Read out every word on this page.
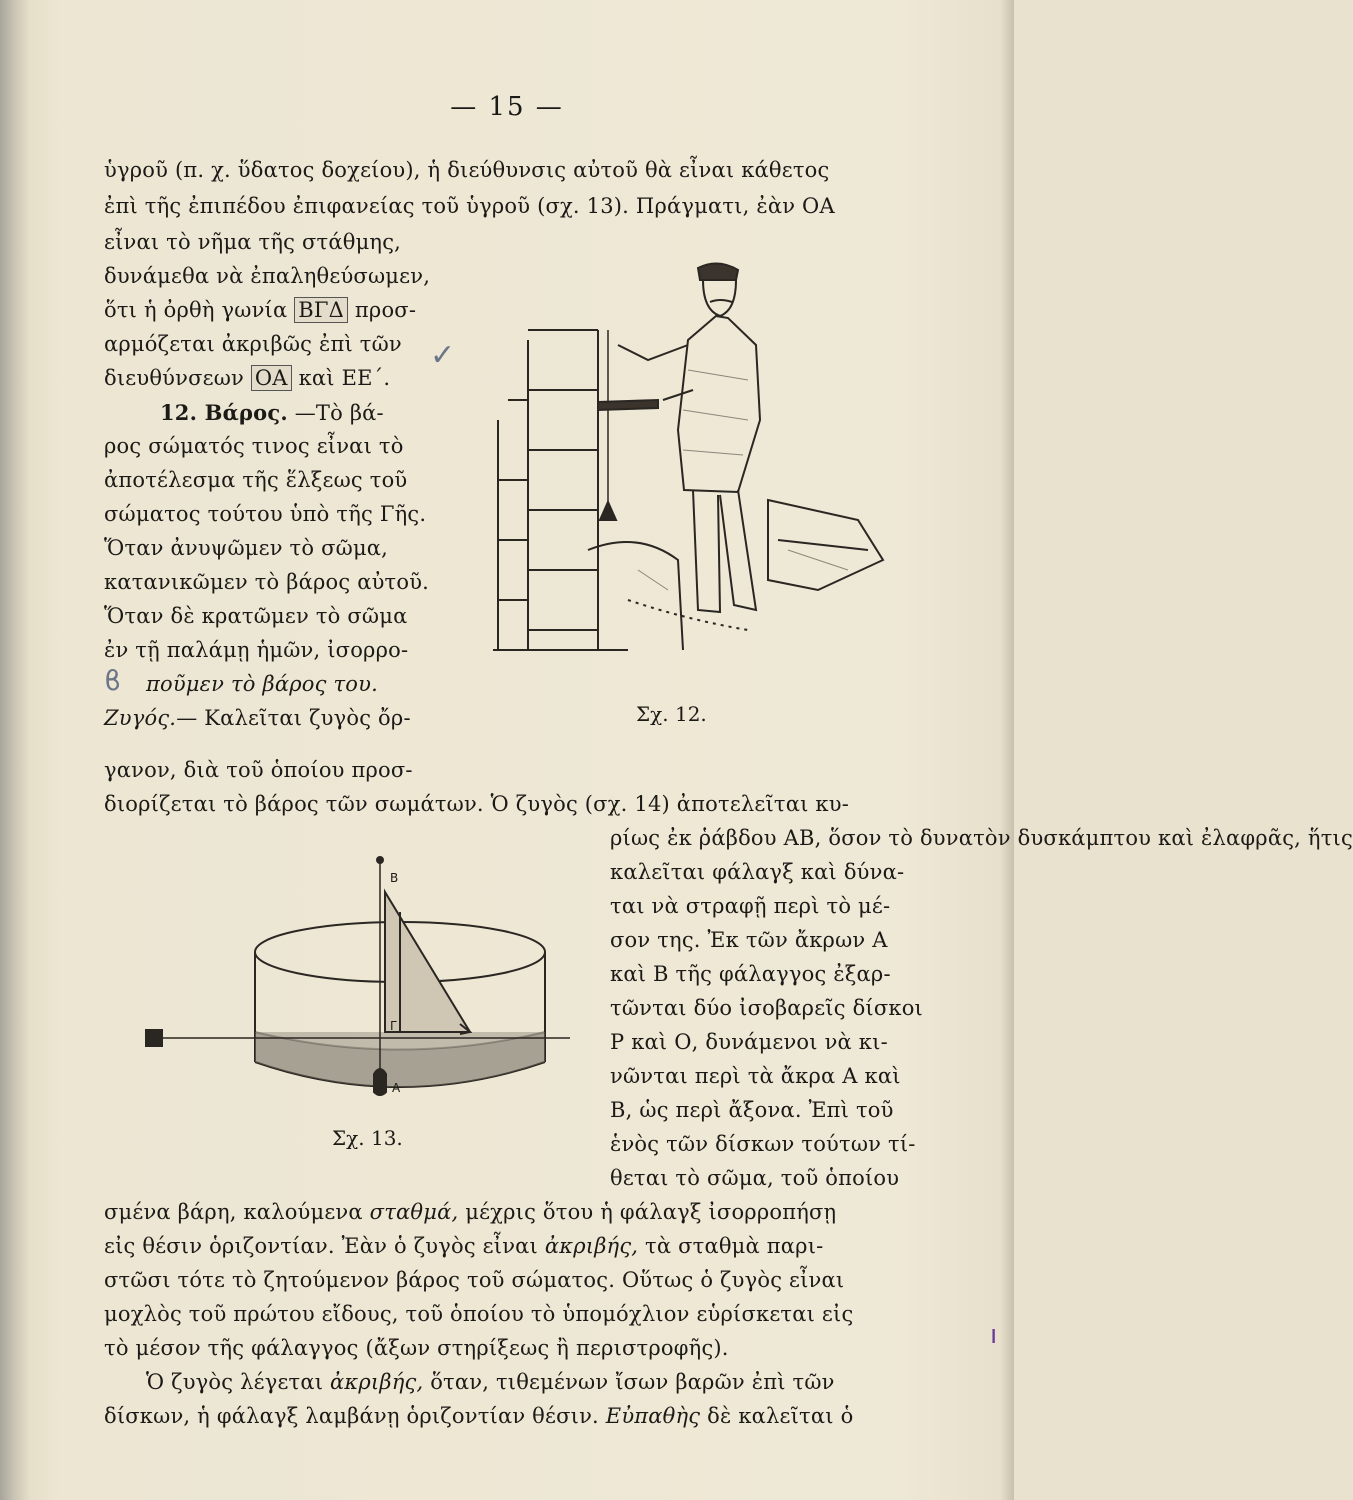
— 15 —
ὑγροῦ (π. χ. ὕδατος δοχείου), ἡ διεύθυνσις αὐτοῦ θὰ εἶναι κάθετος
ἐπὶ τῆς ἐπιπέδου ἐπιφανείας τοῦ ὑγροῦ (σχ. 13). Πράγματι, ἐὰν ΟΑ
εἶναι τὸ νῆμα τῆς στάθμης,
δυνάμεθα νὰ ἐπαληθεύσωμεν,
ὅτι ἡ ὀρθὴ γωνία ΒΓΔ προσ-
αρμόζεται ἀκριβῶς ἐπὶ τῶν
διευθύνσεων ΟΑ καὶ ΕΕ΄.
12. Βάρος. —Τὸ βά-
ρος σώματός τινος εἶναι τὸ
ἀποτέλεσμα τῆς ἕλξεως τοῦ
σώματος τούτου ὑπὸ τῆς Γῆς.
Ὅταν ἀνυψῶμεν τὸ σῶμα,
κατανικῶμεν τὸ βάρος αὐτοῦ.
Ὅταν δὲ κρατῶμεν τὸ σῶμα
ἐν τῇ παλάμῃ ἡμῶν, ἰσορρο-
ποῦμεν τὸ βάρος του.
Ζυγός.— Καλεῖται ζυγὸς ὄρ-	Σχ. 12.
γανον, διὰ τοῦ ὁποίου προσ-
διορίζεται τὸ βάρος τῶν σωμάτων. Ὁ ζυγὸς (σχ. 14) ἀποτελεῖται κυ-
ρίως ἐκ ῥάβδου ΑΒ, ὅσον τὸ δυνατὸν δυσκάμπτου καὶ ἐλαφρᾶς, ἥτις
καλεῖται φάλαγξ καὶ δύνα-
ται νὰ στραφῇ περὶ τὸ μέ-
σον της. Ἐκ τῶν ἄκρων Α
καὶ Β τῆς φάλαγγος ἐξαρ-
τῶνται δύο ἰσοβαρεῖς δίσκοι
Ρ καὶ Ο, δυνάμενοι νὰ κι-
νῶνται περὶ τὰ ἄκρα Α καὶ
Β, ὡς περὶ ἄξονα. Ἐπὶ τοῦ
ἑνὸς τῶν δίσκων τούτων τί-
θεται τὸ σῶμα, τοῦ ὁποίου
Β
Γ
Α
Σχ. 13.
σμένα βάρη, καλούμενα σταθμά, μέχρις ὅτου ἡ φάλαγξ ἰσορροπήσῃ
εἰς θέσιν ὁριζοντίαν. Ἐὰν ὁ ζυγὸς εἶναι ἀκριβής, τὰ σταθμὰ παρι-
στῶσι τότε τὸ ζητούμενον βάρος τοῦ σώματος. Οὕτως ὁ ζυγὸς εἶναι
μοχλὸς τοῦ πρώτου εἴδους, τοῦ ὁποίου τὸ ὑπομόχλιον εὑρίσκεται εἰς
τὸ μέσον τῆς φάλαγγος (ἄξων στηρίξεως ἢ περιστροφῆς).
Ὁ ζυγὸς λέγεται ἀκριβής, ὅταν, τιθεμένων ἴσων βαρῶν ἐπὶ τῶν
δίσκων, ἡ φάλαγξ λαμβάνῃ ὁριζοντίαν θέσιν. Εὐπαθὴς δὲ καλεῖται ὁ
✓
ϐ
ı
